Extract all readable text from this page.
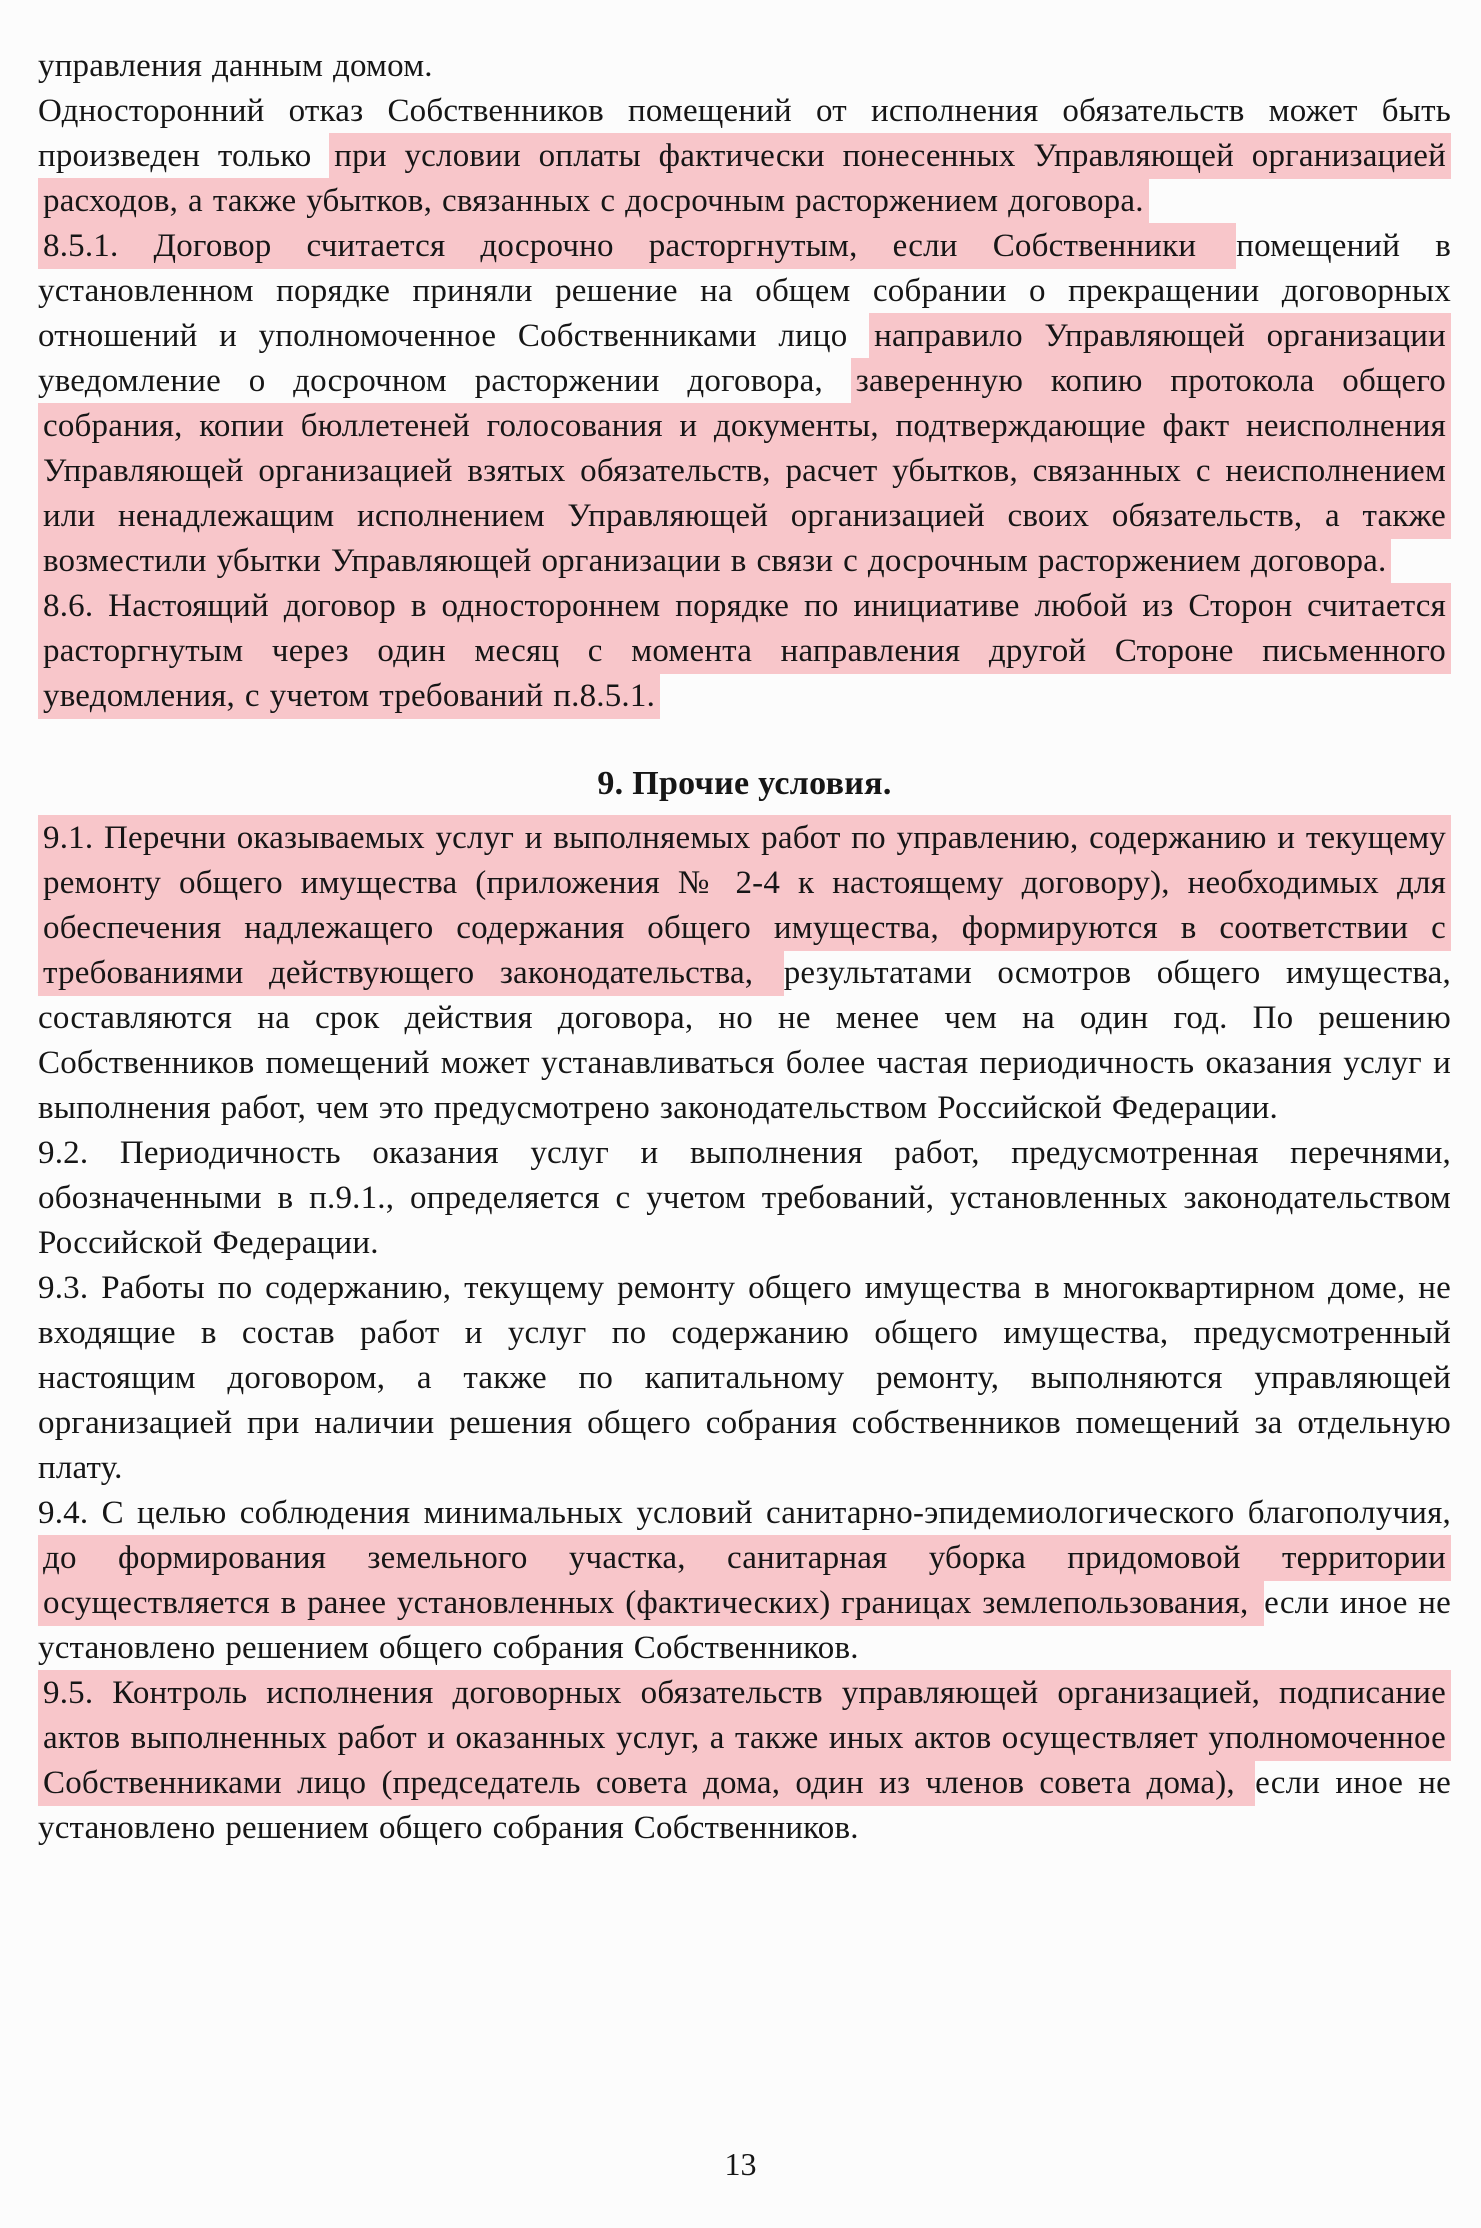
управления данным домом.

Односторонний отказ Собственников помещений от исполнения обязательств может быть произведен только при условии оплаты фактически понесенных Управляющей организацией расходов, а также убытков, связанных с досрочным расторжением договора.

8.5.1. Договор считается досрочно расторгнутым, если Собственники помещений в установленном порядке приняли решение на общем собрании о прекращении договорных отношений и уполномоченное Собственниками лицо направило Управляющей организации уведомление о досрочном расторжении договора, заверенную копию протокола общего собрания, копии бюллетеней голосования и документы, подтверждающие факт неисполнения Управляющей организацией взятых обязательств, расчет убытков, связанных с неисполнением или ненадлежащим исполнением Управляющей организацией своих обязательств, а также возместили убытки Управляющей организации в связи с досрочным расторжением договора.

8.6. Настоящий договор в одностороннем порядке по инициативе любой из Сторон считается расторгнутым через один месяц с момента направления другой Стороне письменного уведомления, с учетом требований п.8.5.1.

9. Прочие условия.

9.1. Перечни оказываемых услуг и выполняемых работ по управлению, содержанию и текущему ремонту общего имущества (приложения № 2-4 к настоящему договору), необходимых для обеспечения надлежащего содержания общего имущества, формируются в соответствии с требованиями действующего законодательства, результатами осмотров общего имущества, составляются на срок действия договора, но не менее чем на один год. По решению Собственников помещений может устанавливаться более частая периодичность оказания услуг и выполнения работ, чем это предусмотрено законодательством Российской Федерации.

9.2. Периодичность оказания услуг и выполнения работ, предусмотренная перечнями, обозначенными в п.9.1., определяется с учетом требований, установленных законодательством Российской Федерации.

9.3. Работы по содержанию, текущему ремонту общего имущества в многоквартирном доме, не входящие в состав работ и услуг по содержанию общего имущества, предусмотренный настоящим договором, а также по капитальному ремонту, выполняются управляющей организацией при наличии решения общего собрания собственников помещений за отдельную плату.

9.4. С целью соблюдения минимальных условий санитарно-эпидемиологического благополучия, до формирования земельного участка, санитарная уборка придомовой территории осуществляется в ранее установленных (фактических) границах землепользования, если иное не установлено решением общего собрания Собственников.

9.5. Контроль исполнения договорных обязательств управляющей организацией, подписание актов выполненных работ и оказанных услуг, а также иных актов осуществляет уполномоченное Собственниками лицо (председатель совета дома, один из членов совета дома), если иное не установлено решением общего собрания Собственников.

13
